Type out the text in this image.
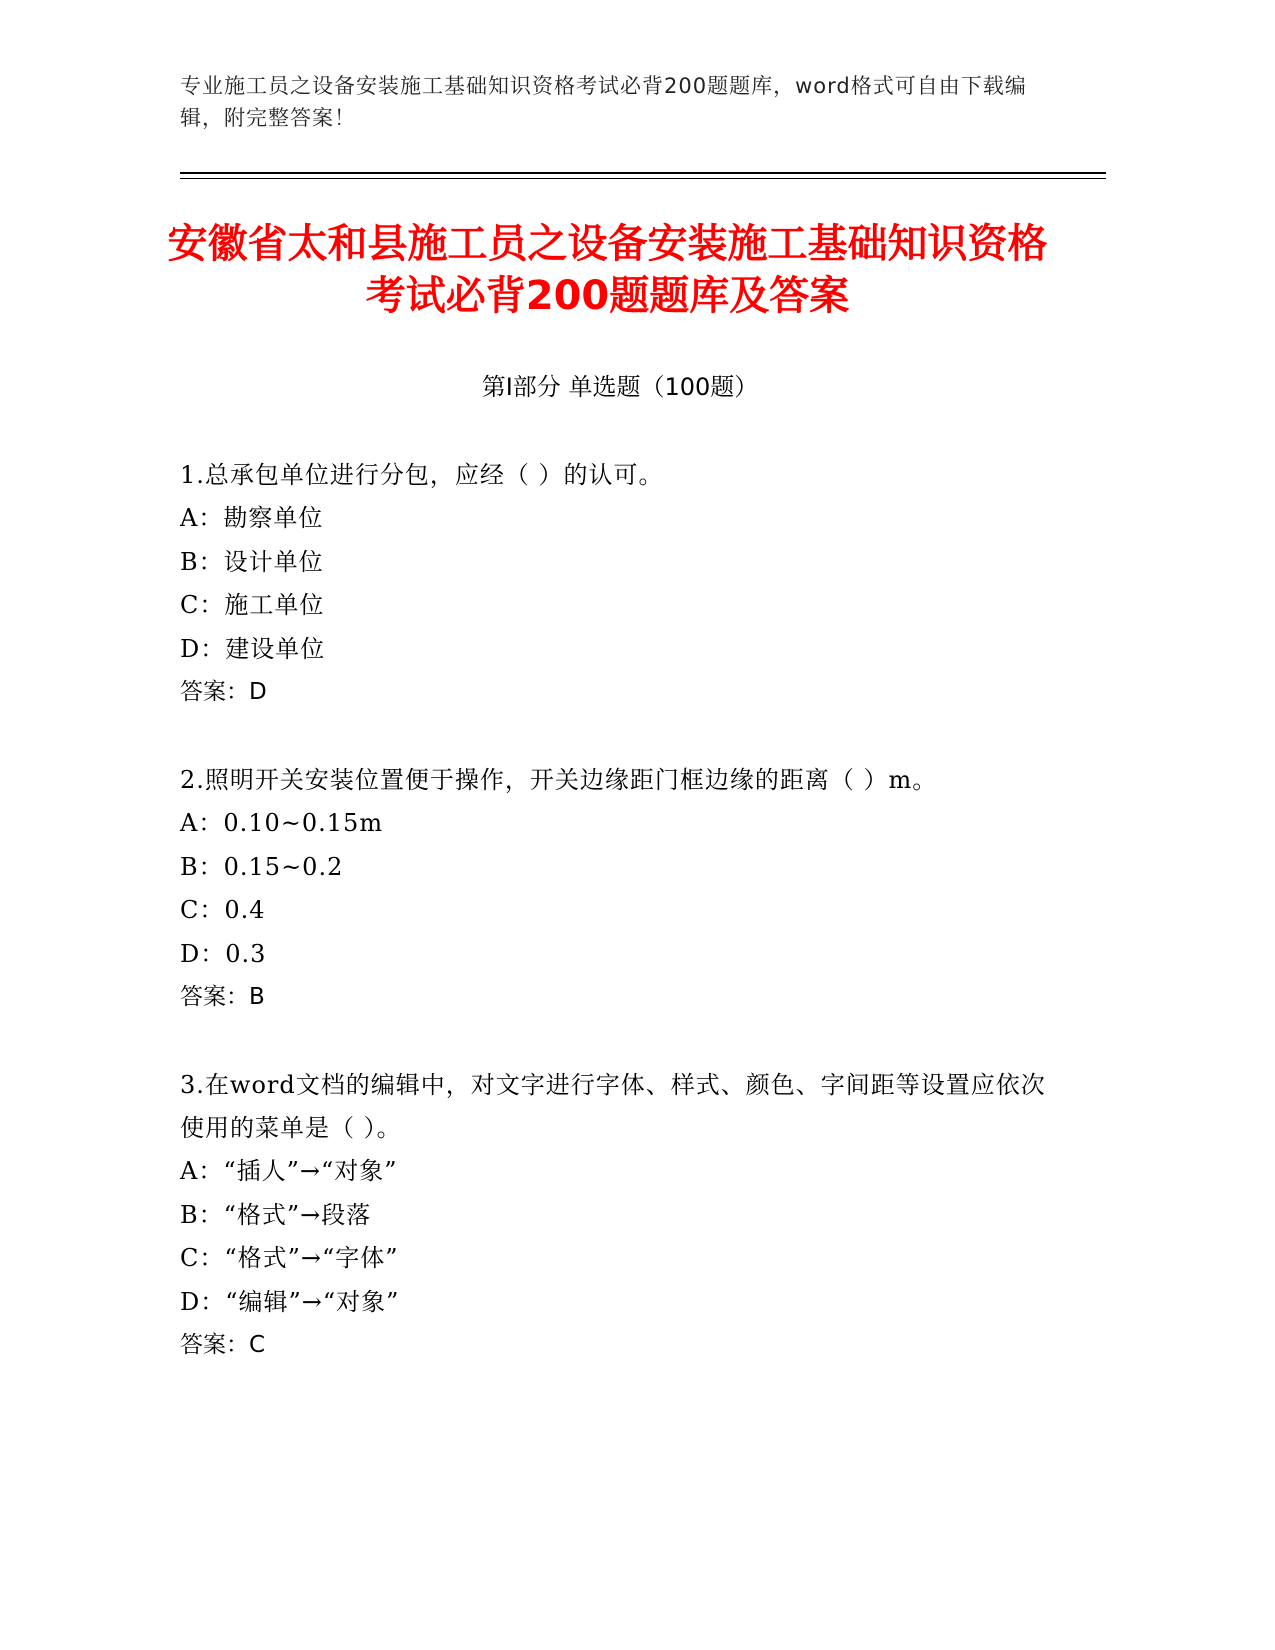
专业施工员之设备安装施工基础知识资格考试必背200题题库，word格式可自由下载编辑，附完整答案！
安徽省太和县施工员之设备安装施工基础知识资格考试必背200题题库及答案
第Ⅰ部分 单选题（100题）
1.总承包单位进行分包，应经（ ）的认可。
A：勘察单位
B：设计单位
C：施工单位
D：建设单位
答案：D
2.照明开关安装位置便于操作，开关边缘距门框边缘的距离（ ）m。
A：0.10~0.15m
B：0.15~0.2
C：0.4
D：0.3
答案：B
3.在word文档的编辑中，对文字进行字体、样式、颜色、字间距等设置应依次使用的菜单是（ ）。
A：“插人”→“对象”
B：“格式”→段落
C：“格式”→“字体”
D：“编辑”→“对象”
答案：C
